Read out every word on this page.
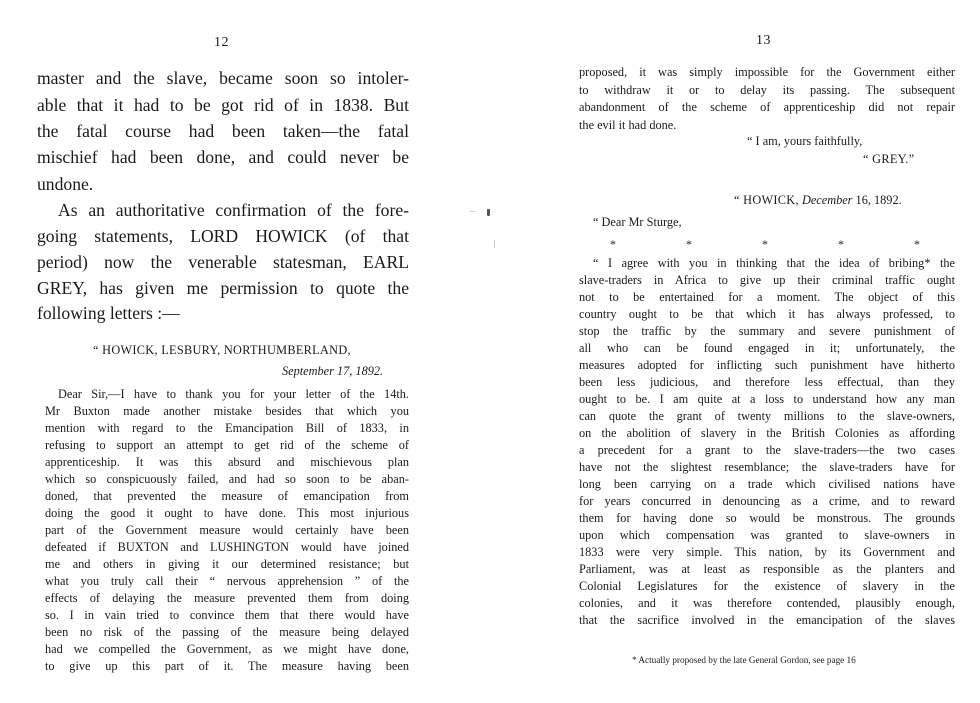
12
master and the slave, became soon so intoler-
able that it had to be got rid of in 1838. But
the fatal course had been taken—the fatal
mischief had been done, and could never be
undone.
As an authoritative confirmation of the fore-
going statements, LORD HOWICK (of that
period) now the venerable statesman, EARL
GREY, has given me permission to quote the
following letters :—
“ HOWICK, LESBURY, NORTHUMBERLAND,
September 17, 1892.
Dear Sir,—I have to thank you for your letter of the 14th.
Mr Buxton made another mistake besides that which you
mention with regard to the Emancipation Bill of 1833, in
refusing to support an attempt to get rid of the scheme of
apprenticeship. It was this absurd and mischievous plan
which so conspicuously failed, and had so soon to be aban-
doned, that prevented the measure of emancipation from
doing the good it ought to have done. This most injurious
part of the Government measure would certainly have been
defeated if BUXTON and LUSHINGTON would have joined
me and others in giving it our determined resistance; but
what you truly call their “ nervous apprehension ” of the
effects of delaying the measure prevented them from doing
so. I in vain tried to convince them that there would have
been no risk of the passing of the measure being delayed
had we compelled the Government, as we might have done,
to give up this part of it. The measure having been
13
proposed, it was simply impossible for the Government either
to withdraw it or to delay its passing. The subsequent
abandonment of the scheme of apprenticeship did not repair
the evil it had done.
“ I am, yours faithfully,
“ GREY.”
“ HOWICK, December 16, 1892.
“ Dear Mr Sturge,
*	*	*	*	*
“ I agree with you in thinking that the idea of bribing* the
slave-traders in Africa to give up their criminal traffic ought
not to be entertained for a moment. The object of this
country ought to be that which it has always professed, to
stop the traffic by the summary and severe punishment of
all who can be found engaged in it; unfortunately, the
measures adopted for inflicting such punishment have hitherto
been less judicious, and therefore less effectual, than they
ought to be. I am quite at a loss to understand how any man
can quote the grant of twenty millions to the slave-owners,
on the abolition of slavery in the British Colonies as affording
a precedent for a grant to the slave-traders—the two cases
have not the slightest resemblance; the slave-traders have for
long been carrying on a trade which civilised nations have
for years concurred in denouncing as a crime, and to reward
them for having done so would be monstrous. The grounds
upon which compensation was granted to slave-owners in
1833 were very simple. This nation, by its Government and
Parliament, was at least as responsible as the planters and
Colonial Legislatures for the existence of slavery in the
colonies, and it was therefore contended, plausibly enough,
that the sacrifice involved in the emancipation of the slaves
* Actually proposed by the late General Gordon, see page 16
